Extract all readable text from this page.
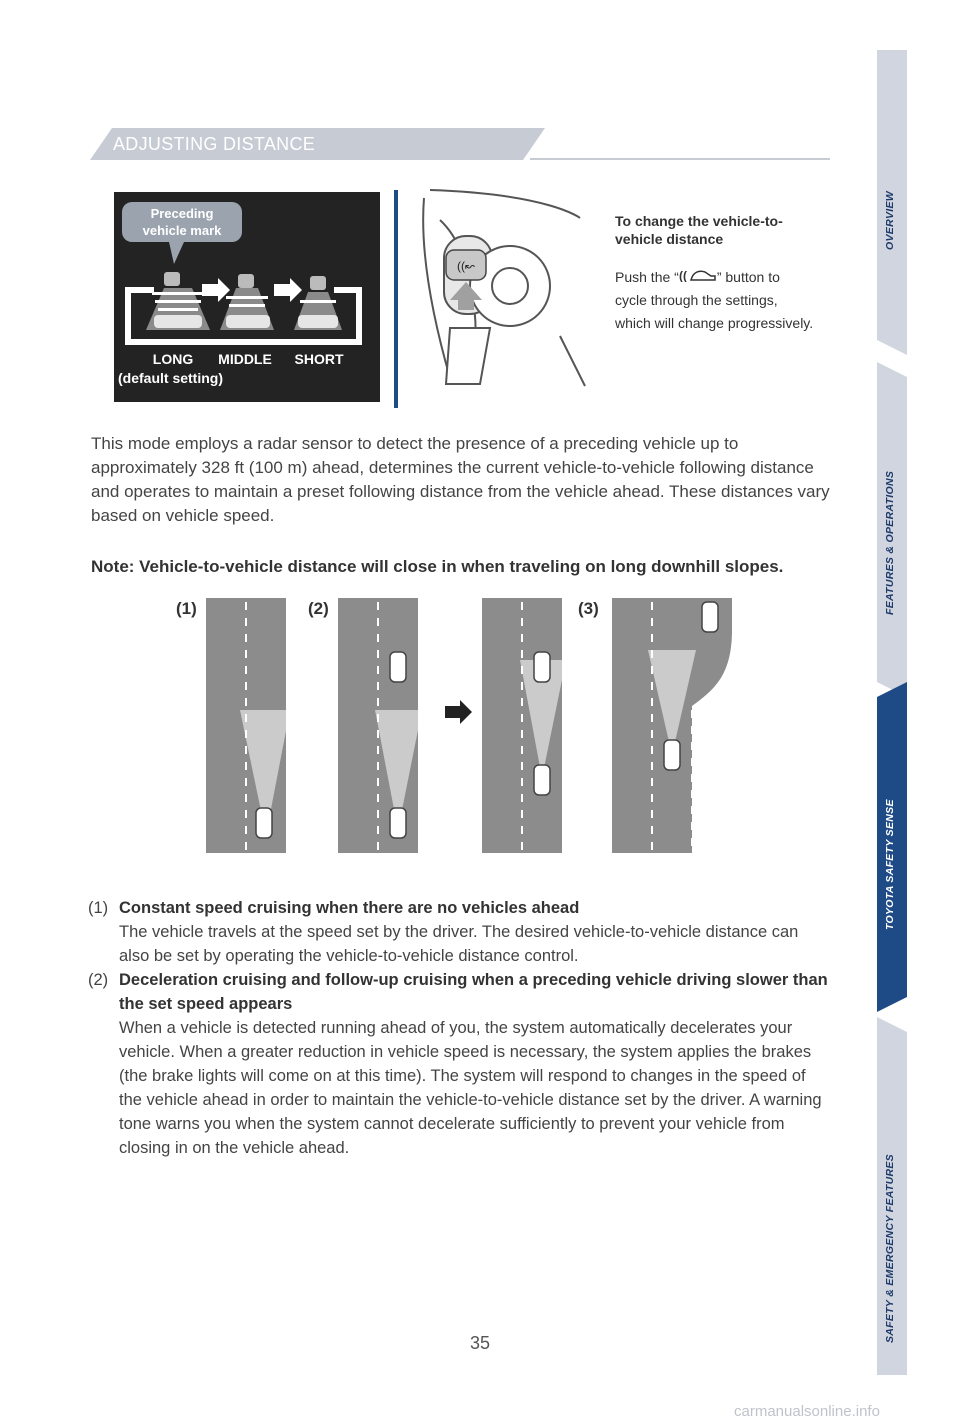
ADJUSTING DISTANCE
OVERVIEW
FEATURES & OPERATIONS
TOYOTA SAFETY SENSE
SAFETY & EMERGENCY FEATURES
Preceding
vehicle mark
LONG MIDDLE SHORT
(default setting)
((↜
To change the vehicle-to-vehicle distance
Push the “ (( ” button to cycle through the settings, which will change progressively.
This mode employs a radar sensor to detect the presence of a preceding vehicle up to approximately 328 ft (100 m) ahead, determines the current vehicle-to-vehicle following distance and operates to maintain a preset following distance from the vehicle ahead. These distances vary based on vehicle speed.
Note: Vehicle-to-vehicle distance will close in when traveling on long downhill slopes.
(1)	(2)	(3)
(1) Constant speed cruising when there are no vehicles ahead
The vehicle travels at the speed set by the driver. The desired vehicle-to-vehicle distance can also be set by operating the vehicle-to-vehicle distance control.
(2) Deceleration cruising and follow-up cruising when a preceding vehicle driving slower than the set speed appears
When a vehicle is detected running ahead of you, the system automatically decelerates your vehicle. When a greater reduction in vehicle speed is necessary, the system applies the brakes (the brake lights will come on at this time). The system will respond to changes in the speed of the vehicle ahead in order to maintain the vehicle-to-vehicle distance set by the driver. A warning tone warns you when the system cannot decelerate sufficiently to prevent your vehicle from closing in on the vehicle ahead.
35
carmanualsonline.info
